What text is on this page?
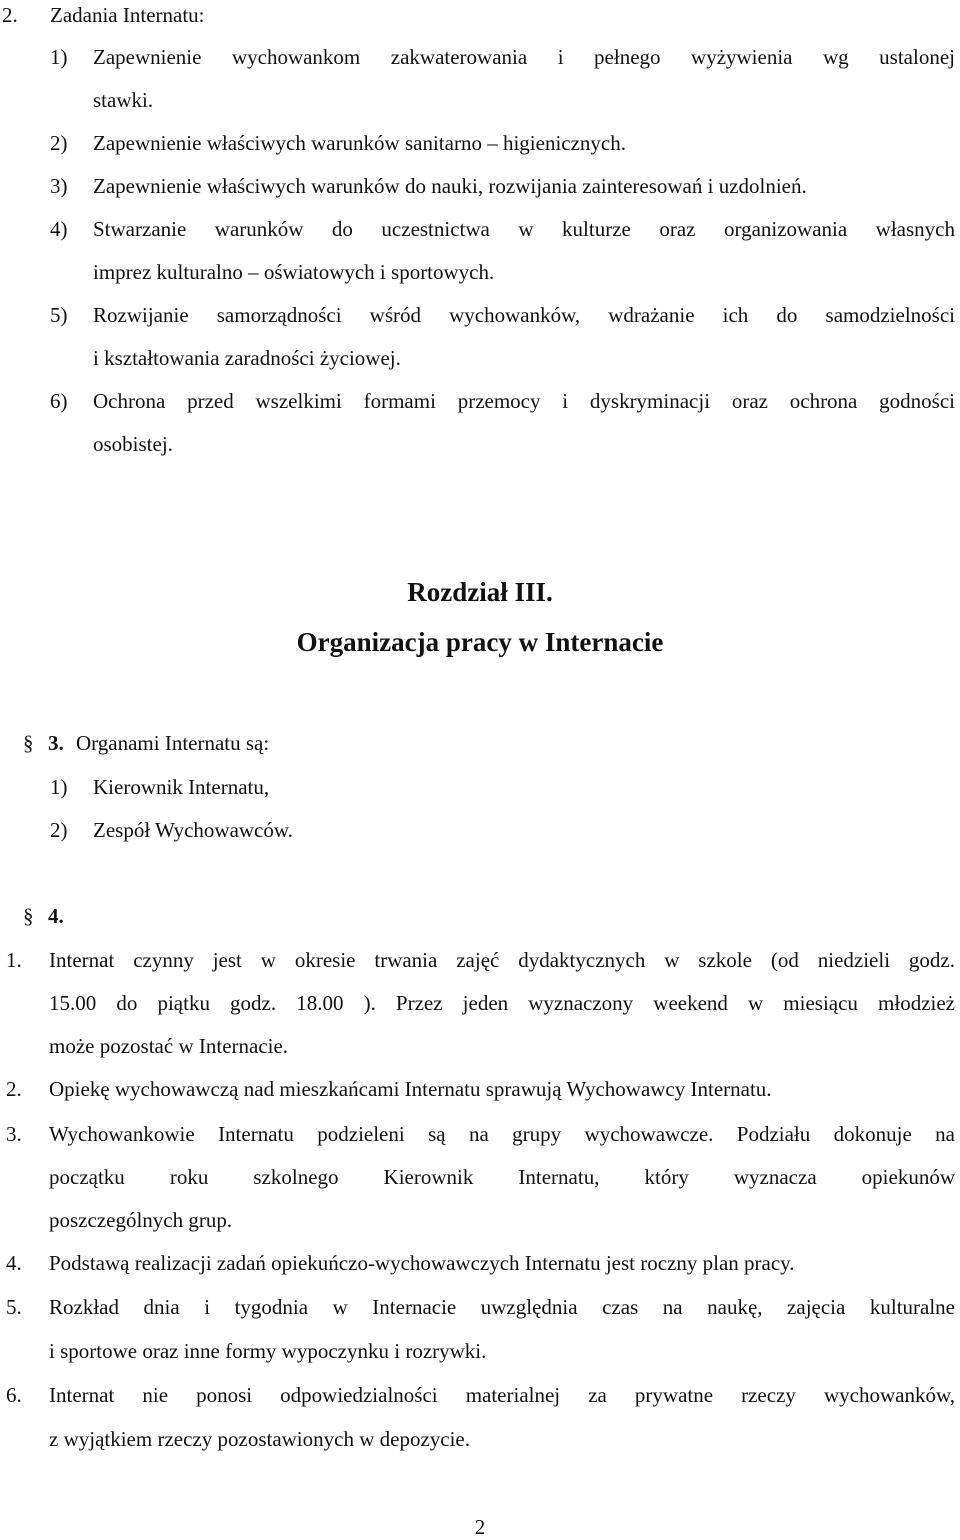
2. Zadania Internatu:
1) Zapewnienie wychowankom zakwaterowania i pełnego wyżywienia wg ustalonej
stawki.
2) Zapewnienie właściwych warunków sanitarno – higienicznych.
3) Zapewnienie właściwych warunków do nauki, rozwijania zainteresowań i uzdolnień.
4) Stwarzanie warunków do uczestnictwa w kulturze oraz organizowania własnych
imprez kulturalno – oświatowych i sportowych.
5) Rozwijanie samorządności wśród wychowanków, wdrażanie ich do samodzielności
i kształtowania zaradności życiowej.
6) Ochrona przed wszelkimi formami przemocy i dyskryminacji oraz ochrona godności
osobistej.
Rozdział III.
Organizacja pracy w Internacie
§ 3. Organami Internatu są:
1) Kierownik Internatu,
2) Zespół Wychowawców.
§ 4.
1. Internat czynny jest w okresie trwania zajęć dydaktycznych w szkole (od niedzieli godz.
15.00 do piątku godz. 18.00 ). Przez jeden wyznaczony weekend w miesiącu młodzież
może pozostać w Internacie.
2. Opiekę wychowawczą nad mieszkańcami Internatu sprawują Wychowawcy Internatu.
3. Wychowankowie Internatu podzieleni są na grupy wychowawcze. Podziału dokonuje na
początku roku szkolnego Kierownik Internatu, który wyznacza opiekunów
poszczególnych grup.
4. Podstawą realizacji zadań opiekuńczo-wychowawczych Internatu jest roczny plan pracy.
5. Rozkład dnia i tygodnia w Internacie uwzględnia czas na naukę, zajęcia kulturalne
i sportowe oraz inne formy wypoczynku i rozrywki.
6. Internat nie ponosi odpowiedzialności materialnej za prywatne rzeczy wychowanków,
z wyjątkiem rzeczy pozostawionych w depozycie.
2
